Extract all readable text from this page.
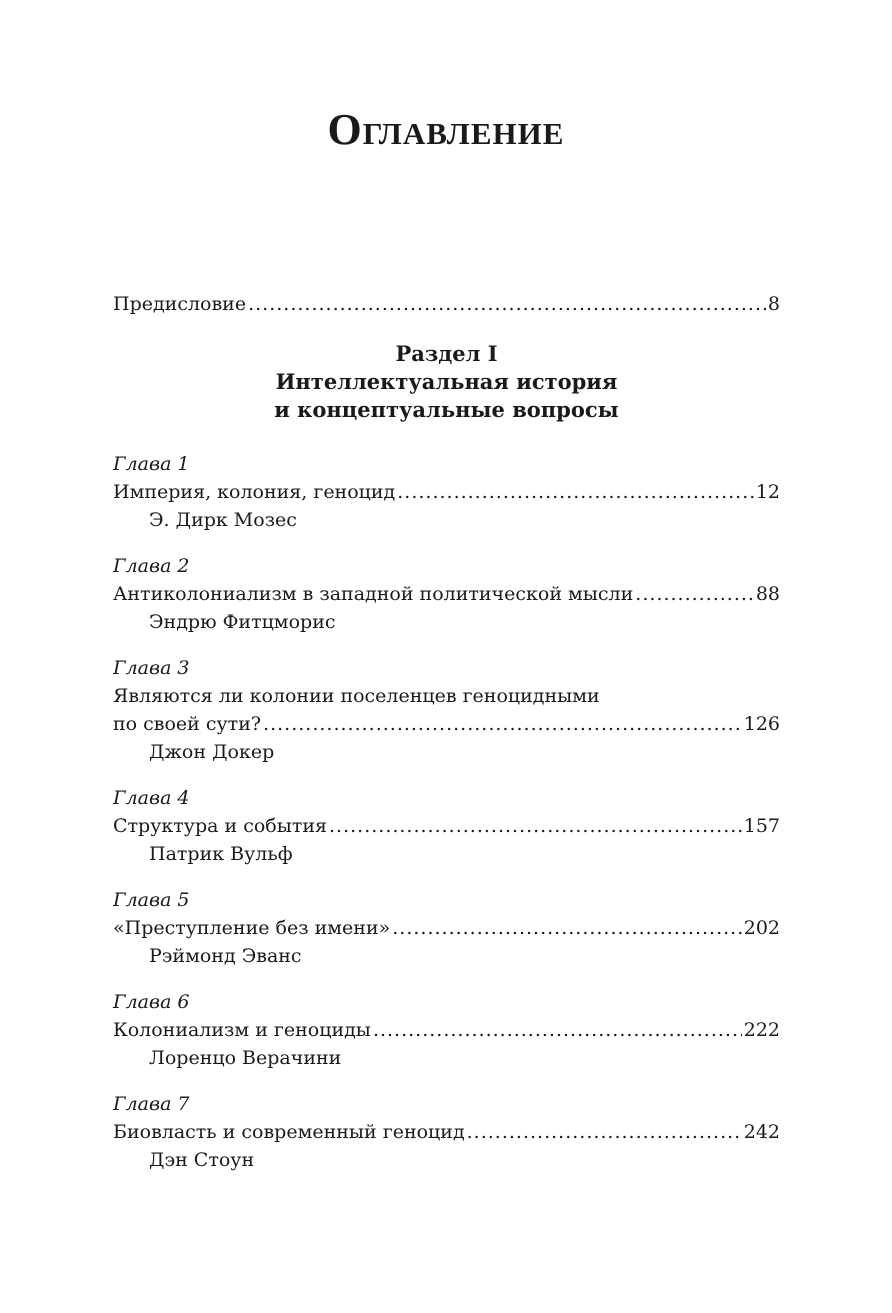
Оглавление
Предисловие .....	8
Раздел I
Интеллектуальная история
и концептуальные вопросы
Глава 1
Империя, колония, геноцид .....	12
Э. Дирк Мозес
Глава 2
Антиколониализм в западной политической мысли .....	88
Эндрю Фитцморис
Глава 3
Являются ли колонии поселенцев геноцидными
по своей сути? .....	126
Джон Докер
Глава 4
Структура и события .....	157
Патрик Вульф
Глава 5
«Преступление без имени» .....	202
Рэймонд Эванс
Глава 6
Колониализм и геноциды .....	222
Лоренцо Верачини
Глава 7
Биовласть и современный геноцид .....	242
Дэн Стоун
